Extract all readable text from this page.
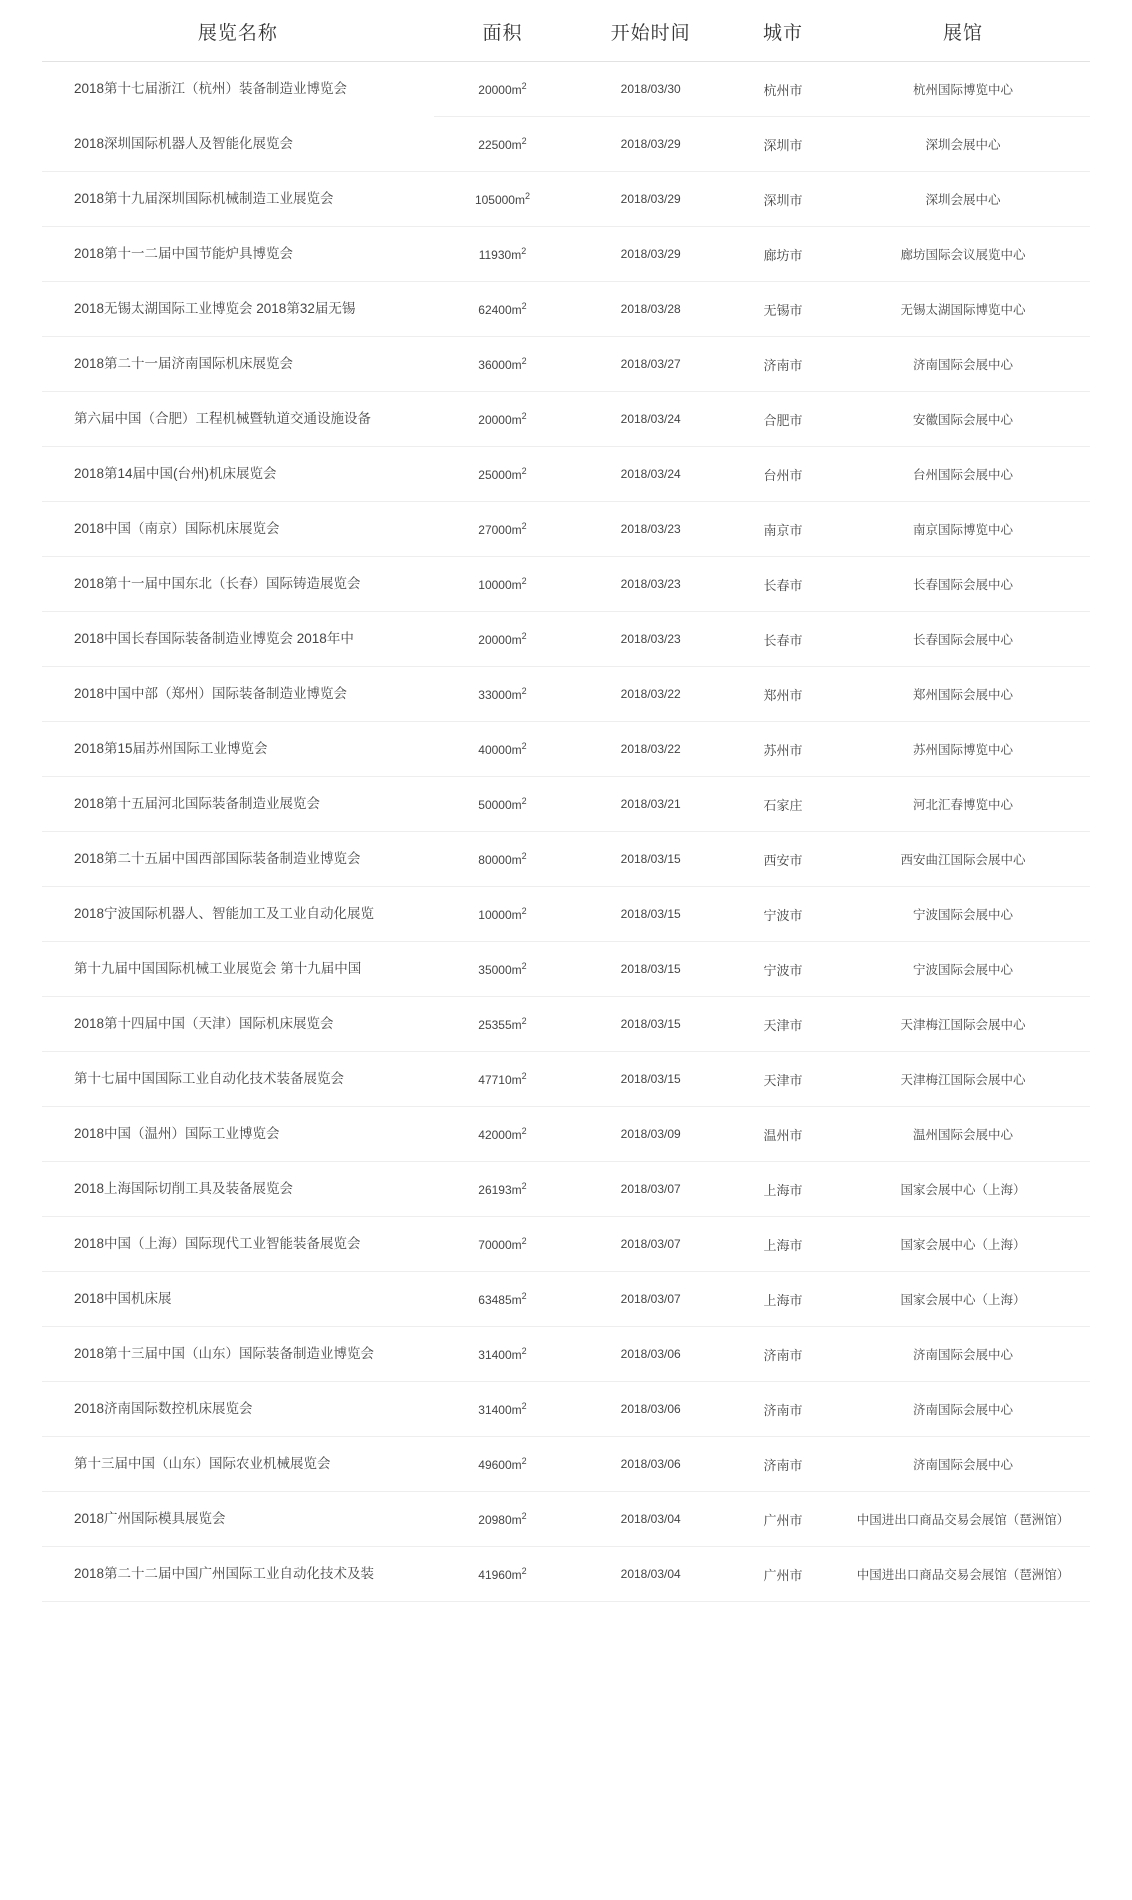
展览名称	面积	开始时间	城市	展馆
2018第十七届浙江（杭州）装备制造业博览会	$20000m^2$	2018/03/30	杭州市	杭州国际博览中心
2018深圳国际机器人及智能化展览会	$22500m^2$	2018/03/29	深圳市	深圳会展中心
2018第十九届深圳国际机械制造工业展览会	$105000m^2$	2018/03/29	深圳市	深圳会展中心
2018第十一二届中国节能炉具博览会	$11930m^2$	2018/03/29	廊坊市	廊坊国际会议展览中心
2018无锡太湖国际工业博览会 2018第32届无锡	$62400m^2$	2018/03/28	无锡市	无锡太湖国际博览中心
2018第二十一届济南国际机床展览会	$36000m^2$	2018/03/27	济南市	济南国际会展中心
第六届中国（合肥）工程机械暨轨道交通设施设备	$20000m^2$	2018/03/24	合肥市	安徽国际会展中心
2018第14届中国(台州)机床展览会	$25000m^2$	2018/03/24	台州市	台州国际会展中心
2018中国（南京）国际机床展览会	$27000m^2$	2018/03/23	南京市	南京国际博览中心
2018第十一届中国东北（长春）国际铸造展览会	$10000m^2$	2018/03/23	长春市	长春国际会展中心
2018中国长春国际装备制造业博览会 2018年中	$20000m^2$	2018/03/23	长春市	长春国际会展中心
2018中国中部（郑州）国际装备制造业博览会	$33000m^2$	2018/03/22	郑州市	郑州国际会展中心
2018第15届苏州国际工业博览会	$40000m^2$	2018/03/22	苏州市	苏州国际博览中心
2018第十五届河北国际装备制造业展览会	$50000m^2$	2018/03/21	石家庄	河北汇春博览中心
2018第二十五届中国西部国际装备制造业博览会	$80000m^2$	2018/03/15	西安市	西安曲江国际会展中心
2018宁波国际机器人、智能加工及工业自动化展览	$10000m^2$	2018/03/15	宁波市	宁波国际会展中心
第十九届中国国际机械工业展览会 第十九届中国	$35000m^2$	2018/03/15	宁波市	宁波国际会展中心
2018第十四届中国（天津）国际机床展览会	$25355m^2$	2018/03/15	天津市	天津梅江国际会展中心
第十七届中国国际工业自动化技术装备展览会	$47710m^2$	2018/03/15	天津市	天津梅江国际会展中心
2018中国（温州）国际工业博览会	$42000m^2$	2018/03/09	温州市	温州国际会展中心
2018上海国际切削工具及装备展览会	$26193m^2$	2018/03/07	上海市	国家会展中心（上海）
2018中国（上海）国际现代工业智能装备展览会	$70000m^2$	2018/03/07	上海市	国家会展中心（上海）
2018中国机床展	$63485m^2$	2018/03/07	上海市	国家会展中心（上海）
2018第十三届中国（山东）国际装备制造业博览会	$31400m^2$	2018/03/06	济南市	济南国际会展中心
2018济南国际数控机床展览会	$31400m^2$	2018/03/06	济南市	济南国际会展中心
第十三届中国（山东）国际农业机械展览会	$49600m^2$	2018/03/06	济南市	济南国际会展中心
2018广州国际模具展览会	$20980m^2$	2018/03/04	广州市	中国进出口商品交易会展馆（琶洲馆）
2018第二十二届中国广州国际工业自动化技术及装	$41960m^2$	2018/03/04	广州市	中国进出口商品交易会展馆（琶洲馆）
